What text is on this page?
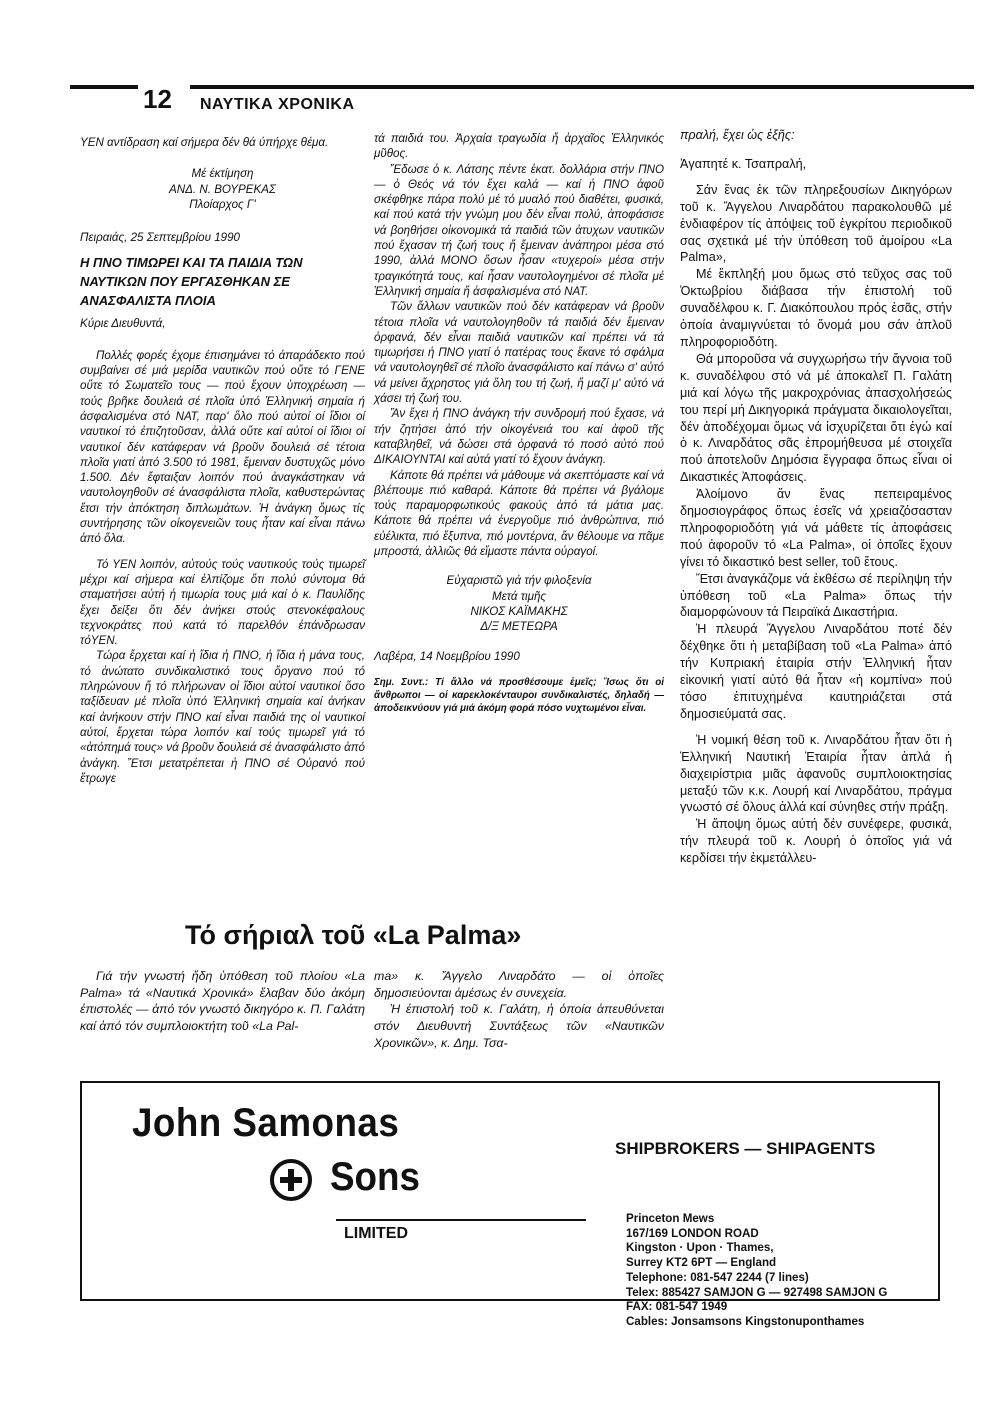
12 ΝΑΥΤΙΚΑ ΧΡΟΝΙΚΑ

ΥΕΝ αντίδραση καί σήμερα δέν θά ύπήρχε θέμα.

Μέ έκτίμηση

ΑΝΔ. Ν. ΒΟΥΡΕΚΑΣ

Πλοίαρχος Γ'

Πειραιάς, 25 Σεπτεμβρίου 1990

Η ΠΝΟ ΤΙΜΩΡΕΙ ΚΑΙ ΤΑ ΠΑΙΔΙΑ ΤΩΝ ΝΑΥΤΙΚΩΝ ΠΟΥ ΕΡΓΑΣΘΗΚΑΝ ΣΕ ΑΝΑΣΦΑΛΙΣΤΑ ΠΛΟΙΑ

Κύριε Διευθυντά,

Πολλές φορές έχομε έπισημάνει τό άπαράδεκτο πού συμβαίνει σέ μιά μερίδα ναυτικῶν πού οὔτε τό ΓΕΝΕ οὔτε τό Σωματεῖο τους — πού ἔχουν ὑποχρέωση — τούς βρῆκε δουλειά σέ πλοῖα ὑπό Ἑλληνική σημαία ή άσφαλισμένα στό ΝΑΤ, παρ' ὅλο πού αὐτοί οί ἴδιοι οί ναυτικοί τό ἐπιζητοῦσαν, ἀλλά οὔτε καί αὐτοί οί ἴδιοι οί ναυτικοί δέν κατάφεραν νά βροῦν δουλειά σέ τέτοια πλοῖα γιατί ἀπό 3.500 τό 1981, ἔμειναν δυστυχῶς μόνο 1.500. Δέν ἔφταιξαν λοιπόν πού ἀναγκάστηκαν νά ναυτολογηθοῦν σέ ἀνασφάλιστα πλοῖα, καθυστερώντας ἔτσι τήν ἀπόκτηση διπλωμάτων. Ἡ ἀνάγκη ὅμως τίς συντήρησης τῶν οἰκογενειῶν τους ἦταν καί εἶναι πάνω ἀπό ὅλα.

Τό ΥΕΝ λοιπόν, αὐτούς τούς ναυτικούς τούς τιμωρεῖ μέχρι καί σήμερα καί ἐλπίζομε ὅτι πολύ σύντομα θά σταματήσει αὐτή ἡ τιμωρία τους μιά καί ὁ κ. Παυλίδης ἔχει δείξει ὅτι δέν ἀνήκει στούς στενοκέφαλους τεχνοκράτες πού κατά τό παρελθόν ἐπάνδρωσαν τόΥΕΝ.

Τώρα ἔρχεται καί ἡ ἴδια ἡ ΠΝΟ, ἡ ἴδια ἡ μάνα τους, τό ἀνώτατο συνδικαλιστικό τους ὄργανο πού τό πληρώνουν ἤ τό πλήρωναν οἱ ἴδιοι αὐτοί ναυτικοί ὅσο ταξίδευαν μέ πλοῖα ὑπό Ἑλληνική σημαία καί ἀνήκαν καί ἀνήκουν στήν ΠΝΟ καί εἶναι παιδιά της οἱ ναυτικοί αὐτοί, ἔρχεται τώρα λοιπόν καί τούς τιμωρεῖ γιά τό «ἀτόπημά τους» νά βροῦν δουλειά σέ ἀνασφάλιστο ἀπό ἀνάγκη. Ἔτσι μετατρέπεται ἡ ΠΝΟ σέ Οὐρανό πού ἔτρωγε

τά παιδιά του. Ἀρχαία τραγωδία ἤ ἀρχαῖος Ἑλληνικός μῦθος.

Ἔδωσε ὁ κ. Λάτσης πέντε ἑκατ. δολλάρια στήν ΠΝΟ — ὁ Θεός νά τόν ἔχει καλά — καί ἡ ΠΝΟ ἀφοῦ σκέφθηκε πάρα πολύ μέ τό μυαλό πού διαθέτει, φυσικά, καί πού κατά τήν γνώμη μου δέν εἶναι πολύ, ἀποφάσισε νά βοηθήσει οἰκονομικά τά παιδιά τῶν ἀτυχων ναυτικῶν πού ἔχασαν τή ζωή τους ἤ ἔμειναν ἀνάπηροι μέσα στό 1990, ἀλλά ΜΟΝΟ ὅσων ἦσαν «τυχεροί» μέσα στήν τραγικότητά τους, καί ἦσαν ναυτολογημένοι σέ πλοῖα μέ Ἑλληνική σημαία ἤ ἀσφαλισμένα στό ΝΑΤ.

Τῶν ἄλλων ναυτικῶν πού δέν κατάφεραν νά βροῦν τέτοια πλοῖα νά ναυτολογηθοῦν τά παιδιά δέν ἔμειναν ὀρφανά, δέν εἶναι παιδιά ναυτικῶν καί πρέπει νά τά τιμωρήσει ἡ ΠΝΟ γιατί ὁ πατέρας τους ἔκανε τό σφάλμα νά ναυτολογηθεῖ σέ πλοῖο ἀνασφάλιστο καί πάνω σ' αὐτό νά μείνει ἄχρηστος γιά ὅλη του τή ζωή, ἤ μαζί μ' αὐτό νά χάσει τή ζωή του.

Ἄν ἔχει ἡ ΠΝΟ ἀνάγκη τήν συνδρομή πού ἔχασε, νά τήν ζητήσει ἀπό τήν οἰκογένειά του καί ἀφοῦ τῆς καταβληθεῖ, νά δώσει στά ὀρφανά τό ποσό αὐτό πού ΔΙΚΑΙΟΥΝΤΑΙ καί αὐτά γιατί τό ἔχουν ἀνάγκη.

Κάποτε θά πρέπει νά μάθουμε νά σκεπτόμαστε καί νά βλέπουμε πιό καθαρά. Κάποτε θά πρέπει νά βγάλομε τούς παραμορφωτικούς φακούς ἀπό τά μάτια μας. Κάποτε θά πρέπει νά ἐνεργοῦμε πιό ἀνθρώπινα, πιό εὐέλικτα, πιό ἔξυπνα, πιό μοντέρνα, ἄν θέλουμε να πᾶμε μπροστά, ἀλλιῶς θά εἴμαστε πάντα οὐραγοί.

Εὐχαριστῶ γιά τήν φιλοξενία

Μετά τιμῆς

ΝΙΚΟΣ ΚΑΪΜΑΚΗΣ

Δ/Ξ ΜΕΤΕΩΡΑ

Λαβέρα, 14 Νοεμβρίου 1990

Σημ. Συντ.: Τί ἄλλο νά προσθέσουμε ἐμεῖς; Ἴσως ὅτι οἱ ἄνθρωποι — οἱ καρεκλοκένταυροι συνδικαλιστές, δηλαδή — ἀποδεικνύουν γιά μιά ἀκόμη φορά πόσο νυχτωμένοι εἶναι.

πραλή, ἔχει ὡς ἑξῆς:

Ἀγαπητέ κ. Τσαπραλή,

Σάν ἕνας ἐκ τῶν πληρεξουσίων Δικηγόρων τοῦ κ. Ἄγγελου Λιναρδάτου παρακολουθῶ μέ ἐνδιαφέρον τίς ἀπόψεις τοῦ ἐγκρίτου περιοδικοῦ σας σχετικά μέ τήν ὑπόθεση τοῦ ἀμοίρου «La Palma»,

Μέ ἔκπληξή μου ὅμως στό τεῦχος σας τοῦ Ὀκτωβρίου διάβασα τήν ἐπιστολή τοῦ συναδέλφου κ. Γ. Διακόπουλου πρός ἐσᾶς, στήν ὁποία ἀναμιγνύεται τό ὄνομά μου σάν ἁπλοῦ πληροφοριοδότη.

Θά μποροῦσα νά συγχωρήσω τήν ἄγνοια τοῦ κ. συναδέλφου στό νά μέ ἀποκαλεῖ Π. Γαλάτη μιά καί λόγω τῆς μακροχρόνιας ἀπασχολήσεώς του περί μή Δικηγορικά πράγματα δικαιολογεῖται, δέν ἀποδέχομαι ὅμως νά ἰσχυρίζεται ὅτι ἐγώ καί ὁ κ. Λιναρδάτος σᾶς ἐπρομήθευσα μέ στοιχεῖα πού ἀποτελοῦν Δημόσια ἔγγραφα ὅπως εἶναι οἱ Δικαστικές Ἀποφάσεις.

Ἀλοίμονο ἄν ἕνας πεπειραμένος δημοσιογράφος ὅπως ἐσεῖς νά χρειαζόσασταν πληροφοριοδότη γιά νά μάθετε τίς ἀποφάσεις πού ἀφοροῦν τό «La Palma», οἱ ὁποῖες ἔχουν γίνει τό δικαστικό best seller, τοῦ ἔτους.

Ἔτσι ἀναγκάζομε νά ἐκθέσω σέ περίληψη τήν ὑπόθεση τοῦ «La Palma» ὅπως τήν διαμορφώνουν τά Πειραϊκά Δικαστήρια.

Ἡ πλευρά Ἄγγελου Λιναρδάτου ποτέ δέν δέχθηκε ὅτι ἡ μεταβίβαση τοῦ «La Palma» ἀπό τήν Κυπριακή ἑταιρία στήν Ἑλληνική ἦταν εἰκονική γιατί αὐτό θά ἦταν «ἡ κομπίνα» πού τόσο ἐπιτυχημένα καυτηριάζεται στά δημοσιεύματά σας.

Ἡ νομική θέση τοῦ κ. Λιναρδάτου ἦταν ὅτι ἡ Ἑλληνική Ναυτική Ἑταιρία ἦταν ἁπλά ἡ διαχειρίστρια μιᾶς ἀφανοῦς συμπλοιοκτησίας μεταξύ τῶν κ.κ. Λουρή καί Λιναρδάτου, πράγμα γνωστό σέ ὅλους ἀλλά καί σύνηθες στήν πράξη.

Ἡ ἄποψη ὅμως αὐτή δέν συνέφερε, φυσικά, τήν πλευρά τοῦ κ. Λουρή ὁ ὁποῖος γιά νά κερδίσει τήν ἐκμετάλλευ-

Τό σήριαλ τοῦ «La Palma»

Γιά τήν γνωστή ἤδη ὑπόθεση τοῦ πλοίου «La Palma» τά «Ναυτικά Χρονικά» ἔλαβαν δύο ἀκόμη ἐπιστολές — ἀπό τόν γνωστό δικηγόρο κ. Π. Γαλάτη καί ἀπό τόν συμπλοιοκτήτη τοῦ «La Pal-

ma» κ. Ἄγγελο Λιναρδάτο — οἱ ὁποῖες δημοσιεύονται ἀμέσως ἐν συνεχεία.

Ἡ ἐπιστολή τοῦ κ. Γαλάτη, ἡ ὁποία ἀπευθύνεται στόν Διευθυντή Συντάξεως τῶν «Ναυτικῶν Χρονικῶν», κ. Δημ. Τσα-

John Samonas
Sons
LIMITED
SHIPBROKERS — SHIPAGENTS
Princeton Mews
167/169 LONDON ROAD
Kingston · Upon · Thames,
Surrey KT2 6PT — England
Telephone: 081-547 2244 (7 lines)
Telex: 885427 SAMJON G — 927498 SAMJON G
FAX: 081-547 1949
Cables: Jonsamsons Kingstonuponthames
